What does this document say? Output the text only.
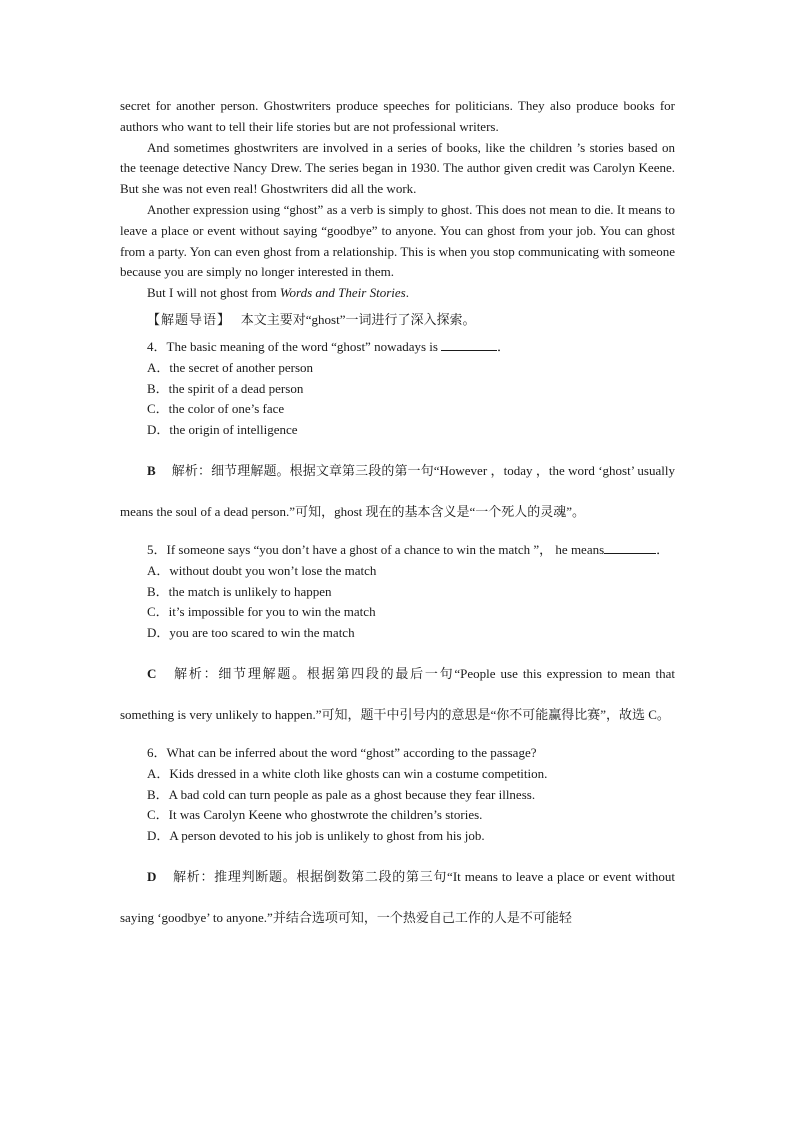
secret for another person. Ghostwriters produce speeches for politicians. They also produce books for authors who want to tell their life stories but are not professional writers.

And sometimes ghostwriters are involved in a series of books, like the children ’s stories based on the teenage detective Nancy Drew. The series began in 1930. The author given credit was Carolyn Keene. But she was not even real! Ghostwriters did all the work.

Another expression using “ghost” as a verb is simply to ghost. This does not mean to die. It means to leave a place or event without saying “goodbye” to anyone. You can ghost from your job. You can ghost from a party. Yon can even ghost from a relationship. This is when you stop communicating with someone because you are simply no longer interested in them.

But I will not ghost from Words and Their Stories.

【解题导语】 本文主要对“ghost”一词进行了深入探索。

4．The basic meaning of the word “ghost” nowadays is	．

A．the secret of another person

B．the spirit of a dead person

C．the color of one’s face

D．the origin of intelligence

B 解析：细节理解题。根据文章第三段的第一句“However ，today ，the word ‘ghost’ usually means the soul of a dead person.”可知，ghost 现在的基本含义是“一个死人的灵魂”。

5．If someone says “you don’t have a ghost of a chance to win the match ”， he means	．

A．without doubt you won’t lose the match

B．the match is unlikely to happen

C．it’s impossible for you to win the match

D．you are too scared to win the match

C 解析：细节理解题。根据第四段的最后一句“People use this expression to mean that something is very unlikely to happen.”可知，题干中引号内的意思是“你不可能赢得比赛”，故选 C。

6．What can be inferred about the word “ghost” according to the passage?

A．Kids dressed in a white cloth like ghosts can win a costume competition.

B．A bad cold can turn people as pale as a ghost because they fear illness.

C．It was Carolyn Keene who ghostwrote the children’s stories.

D．A person devoted to his job is unlikely to ghost from his job.

D 解析：推理判断题。根据倒数第二段的第三句“It means to leave a place or event without saying ‘goodbye’ to anyone.”并结合选项可知，一个热爱自己工作的人是不可能轻
